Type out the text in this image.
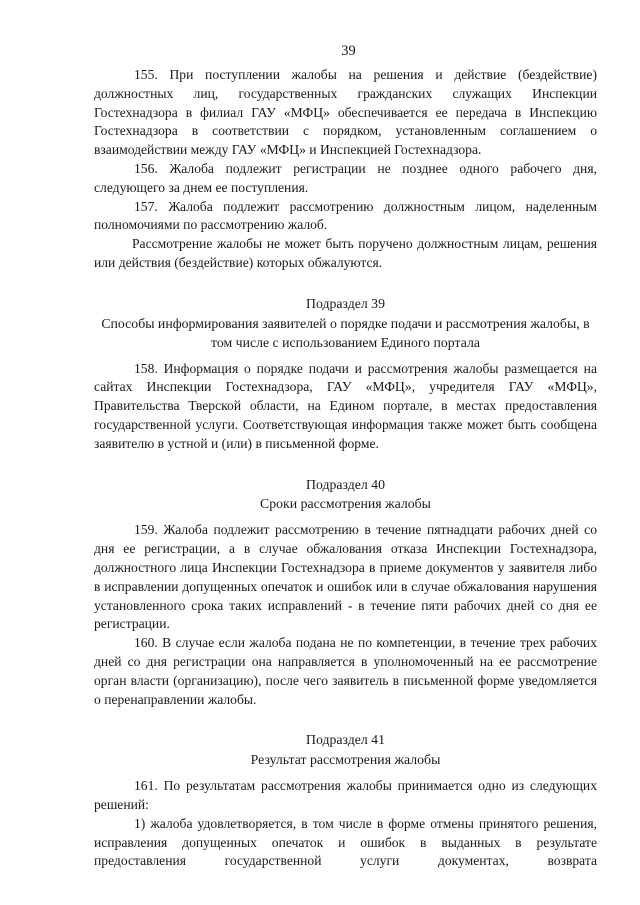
39

155. При поступлении жалобы на решения и действие (бездействие) должностных лиц, государственных гражданских служащих Инспекции Гостехнадзора в филиал ГАУ «МФЦ» обеспечивается ее передача в Инспекцию Гостехнадзора в соответствии с порядком, установленным соглашением о взаимодействии между ГАУ «МФЦ» и Инспекцией Гостехнадзора.

156. Жалоба подлежит регистрации не позднее одного рабочего дня, следующего за днем ее поступления.

157. Жалоба подлежит рассмотрению должностным лицом, наделенным полномочиями по рассмотрению жалоб.

Рассмотрение жалобы не может быть поручено должностным лицам, решения или действия (бездействие) которых обжалуются.

Подраздел 39

Способы информирования заявителей о порядке подачи и рассмотрения жалобы, в том числе с использованием Единого портала

158. Информация о порядке подачи и рассмотрения жалобы размещается на сайтах Инспекции Гостехнадзора, ГАУ «МФЦ», учредителя ГАУ «МФЦ», Правительства Тверской области, на Едином портале, в местах предоставления государственной услуги. Соответствующая информация также может быть сообщена заявителю в устной и (или) в письменной форме.

Подраздел 40

Сроки рассмотрения жалобы

159. Жалоба подлежит рассмотрению в течение пятнадцати рабочих дней со дня ее регистрации, а в случае обжалования отказа Инспекции Гостехнадзора, должностного лица Инспекции Гостехнадзора в приеме документов у заявителя либо в исправлении допущенных опечаток и ошибок или в случае обжалования нарушения установленного срока таких исправлений - в течение пяти рабочих дней со дня ее регистрации.

160. В случае если жалоба подана не по компетенции, в течение трех рабочих дней со дня регистрации она направляется в уполномоченный на ее рассмотрение орган власти (организацию), после чего заявитель в письменной форме уведомляется о перенаправлении жалобы.

Подраздел 41

Результат рассмотрения жалобы

161. По результатам рассмотрения жалобы принимается одно из следующих решений:

1) жалоба удовлетворяется, в том числе в форме отмены принятого решения, исправления допущенных опечаток и ошибок в выданных в результате предоставления государственной услуги документах, возврата
